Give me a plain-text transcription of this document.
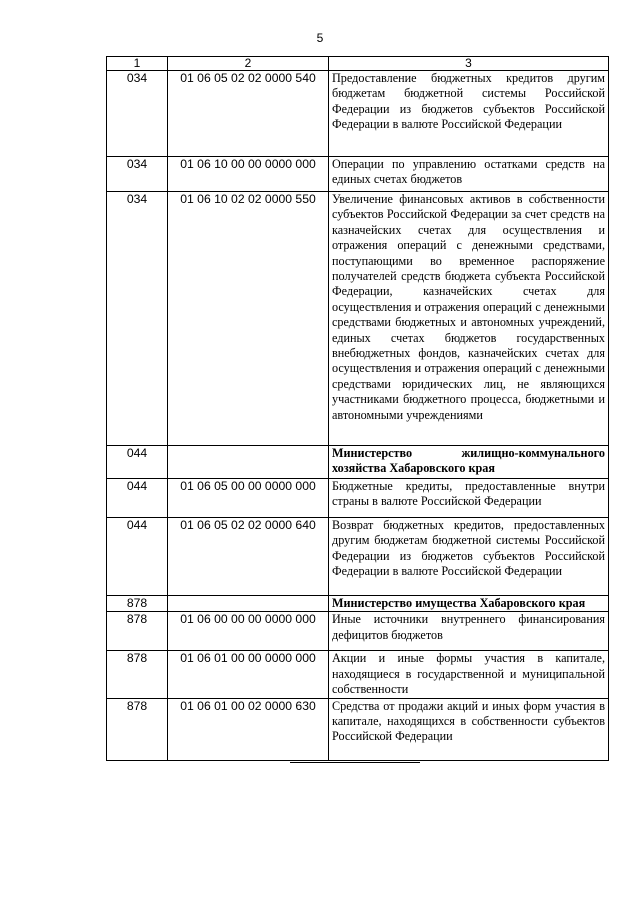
5
1	2	3
034	01 06 05 02 02 0000 540	Предоставление бюджетных кредитов другим бюджетам бюджетной системы Российской Федерации из бюджетов субъектов Российской Федерации в валюте Российской Федерации
034	01 06 10 00 00 0000 000	Операции по управлению остатками средств на единых счетах бюджетов
034	01 06 10 02 02 0000 550	Увеличение финансовых активов в собственности субъектов Российской Федерации за счет средств на казначейских счетах для осуществления и отражения операций с денежными средствами, поступающими во временное распоряжение получателей средств бюджета субъекта Российской Федерации, казначейских счетах для осуществления и отражения операций с денежными средствами бюджетных и автономных учреждений, единых счетах бюджетов государственных внебюджетных фондов, казначейских счетах для осуществления и отражения операций с денежными средствами юридических лиц, не являющихся участниками бюджетного процесса, бюджетными и автономными учреждениями
044		Министерство жилищно-коммунального хозяйства Хабаровского края
044	01 06 05 00 00 0000 000	Бюджетные кредиты, предоставленные внутри страны в валюте Российской Федерации
044	01 06 05 02 02 0000 640	Возврат бюджетных кредитов, предоставленных другим бюджетам бюджетной системы Российской Федерации из бюджетов субъектов Российской Федерации в валюте Российской Федерации
878		Министерство имущества Хабаровского края
878	01 06 00 00 00 0000 000	Иные источники внутреннего финансирования дефицитов бюджетов
878	01 06 01 00 00 0000 000	Акции и иные формы участия в капитале, находящиеся в государственной и муниципальной собственности
878	01 06 01 00 02 0000 630	Средства от продажи акций и иных форм участия в капитале, находящихся в собственности субъектов Российской Федерации
